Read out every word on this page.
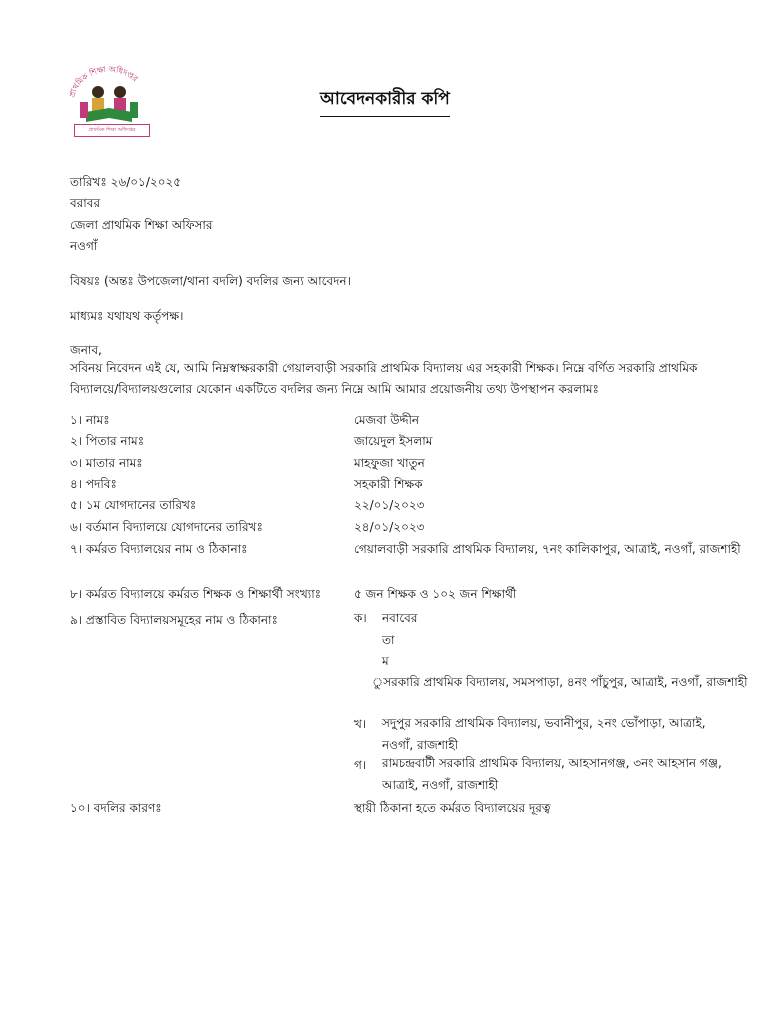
প্রাথমিক শিক্ষা অধিদপ্তর
প্রাথমিক শিক্ষা অধিদপ্তর
আবেদনকারীর কপি
তারিখঃ ২৬/০১/২০২৫
বরাবর
জেলা প্রাথমিক শিক্ষা অফিসার
নওগাঁ
বিষয়ঃ (অন্তঃ উপজেলা/থানা বদলি) বদলির জন্য আবেদন।
মাধ্যমঃ যথাযথ কর্তৃপক্ষ।
জনাব,
সবিনয় নিবেদন এই যে, আমি নিম্নস্বাক্ষরকারী গেয়ালবাড়ী সরকারি প্রাথমিক বিদ্যালয় এর সহকারী শিক্ষক। নিম্নে বর্ণিত সরকারি প্রাথমিক বিদ্যালয়ে/বিদ্যালয়গুলোর যেকোন একটিতে বদলির জন্য নিম্নে আমি আমার প্রয়োজনীয় তথ্য উপস্থাপন করলামঃ
১। নামঃ	মেজবা উদ্দীন
২। পিতার নামঃ	জায়েদুল ইসলাম
৩। মাতার নামঃ	মাহফুজা খাতুন
৪। পদবিঃ	সহকারী শিক্ষক
৫। ১ম যোগদানের তারিখঃ	২২/০১/২০২৩
৬। বর্তমান বিদ্যালয়ে যোগদানের তারিখঃ	২৪/০১/২০২৩
৭। কর্মরত বিদ্যালয়ের নাম ও ঠিকানাঃ	গেয়ালবাড়ী সরকারি প্রাথমিক বিদ্যালয়, ৭নং কালিকাপুর, আত্রাই, নওগাঁ, রাজশাহী
৮। কর্মরত বিদ্যালয়ে কর্মরত শিক্ষক ও শিক্ষার্থী সংখ্যাঃ	৫ জন শিক্ষক ও ১০২ জন শিক্ষার্থী
৯। প্রস্তাবিত বিদ্যালয়সমূহের নাম ও ঠিকানাঃ	ক। নবাবের
তা
ম
ুসরকারি প্রাথমিক বিদ্যালয়, সমসপাড়া, ৪নং পাঁচুপুর, আত্রাই, নওগাঁ, রাজশাহী
খ। সদুপুর সরকারি প্রাথমিক বিদ্যালয়, ভবানীপুর, ২নং ভোঁপাড়া, আত্রাই, নওগাঁ, রাজশাহী
গ। রামচন্দ্রবাটী সরকারি প্রাথমিক বিদ্যালয়, আহসানগঞ্জ, ৩নং আহসান গঞ্জ, আত্রাই, নওগাঁ, রাজশাহী
১০। বদলির কারণঃ	স্থায়ী ঠিকানা হতে কর্মরত বিদ্যালয়ের দূরত্ব
